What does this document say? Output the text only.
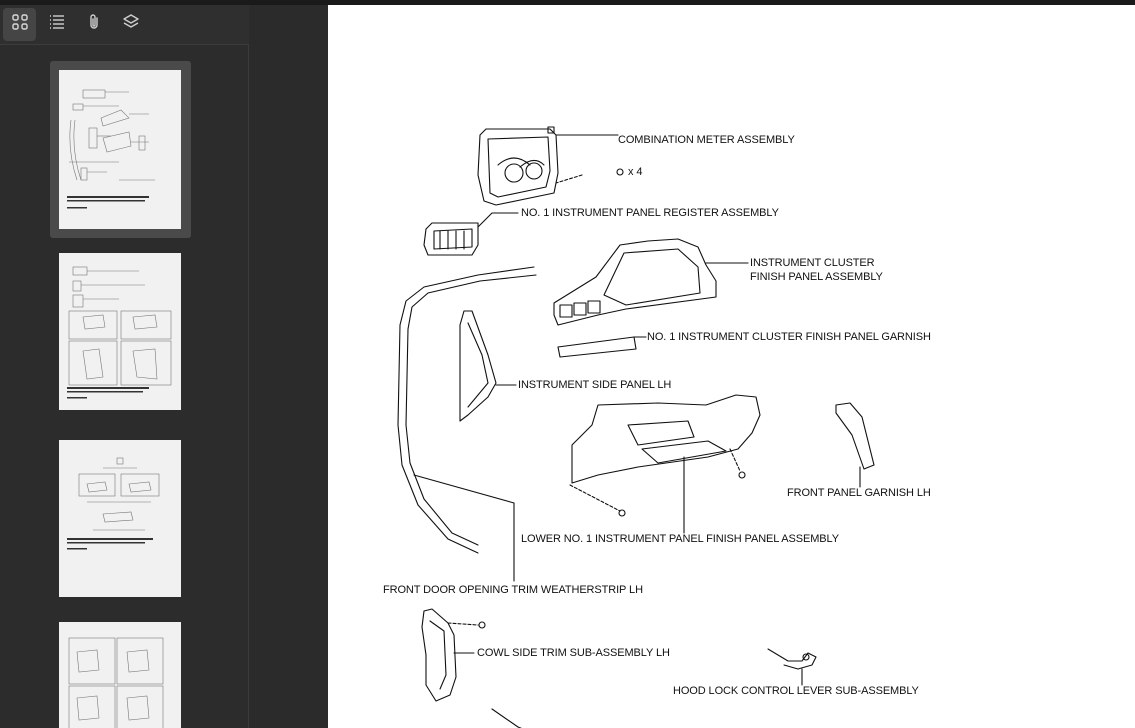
COMBINATION METER ASSEMBLY
x 4
NO. 1 INSTRUMENT PANEL REGISTER ASSEMBLY
INSTRUMENT CLUSTER
FINISH PANEL ASSEMBLY
NO. 1 INSTRUMENT CLUSTER FINISH PANEL GARNISH
INSTRUMENT SIDE PANEL LH
FRONT PANEL GARNISH LH
LOWER NO. 1 INSTRUMENT PANEL FINISH PANEL ASSEMBLY
FRONT DOOR OPENING TRIM WEATHERSTRIP LH
COWL SIDE TRIM SUB-ASSEMBLY LH
HOOD LOCK CONTROL LEVER SUB-ASSEMBLY
